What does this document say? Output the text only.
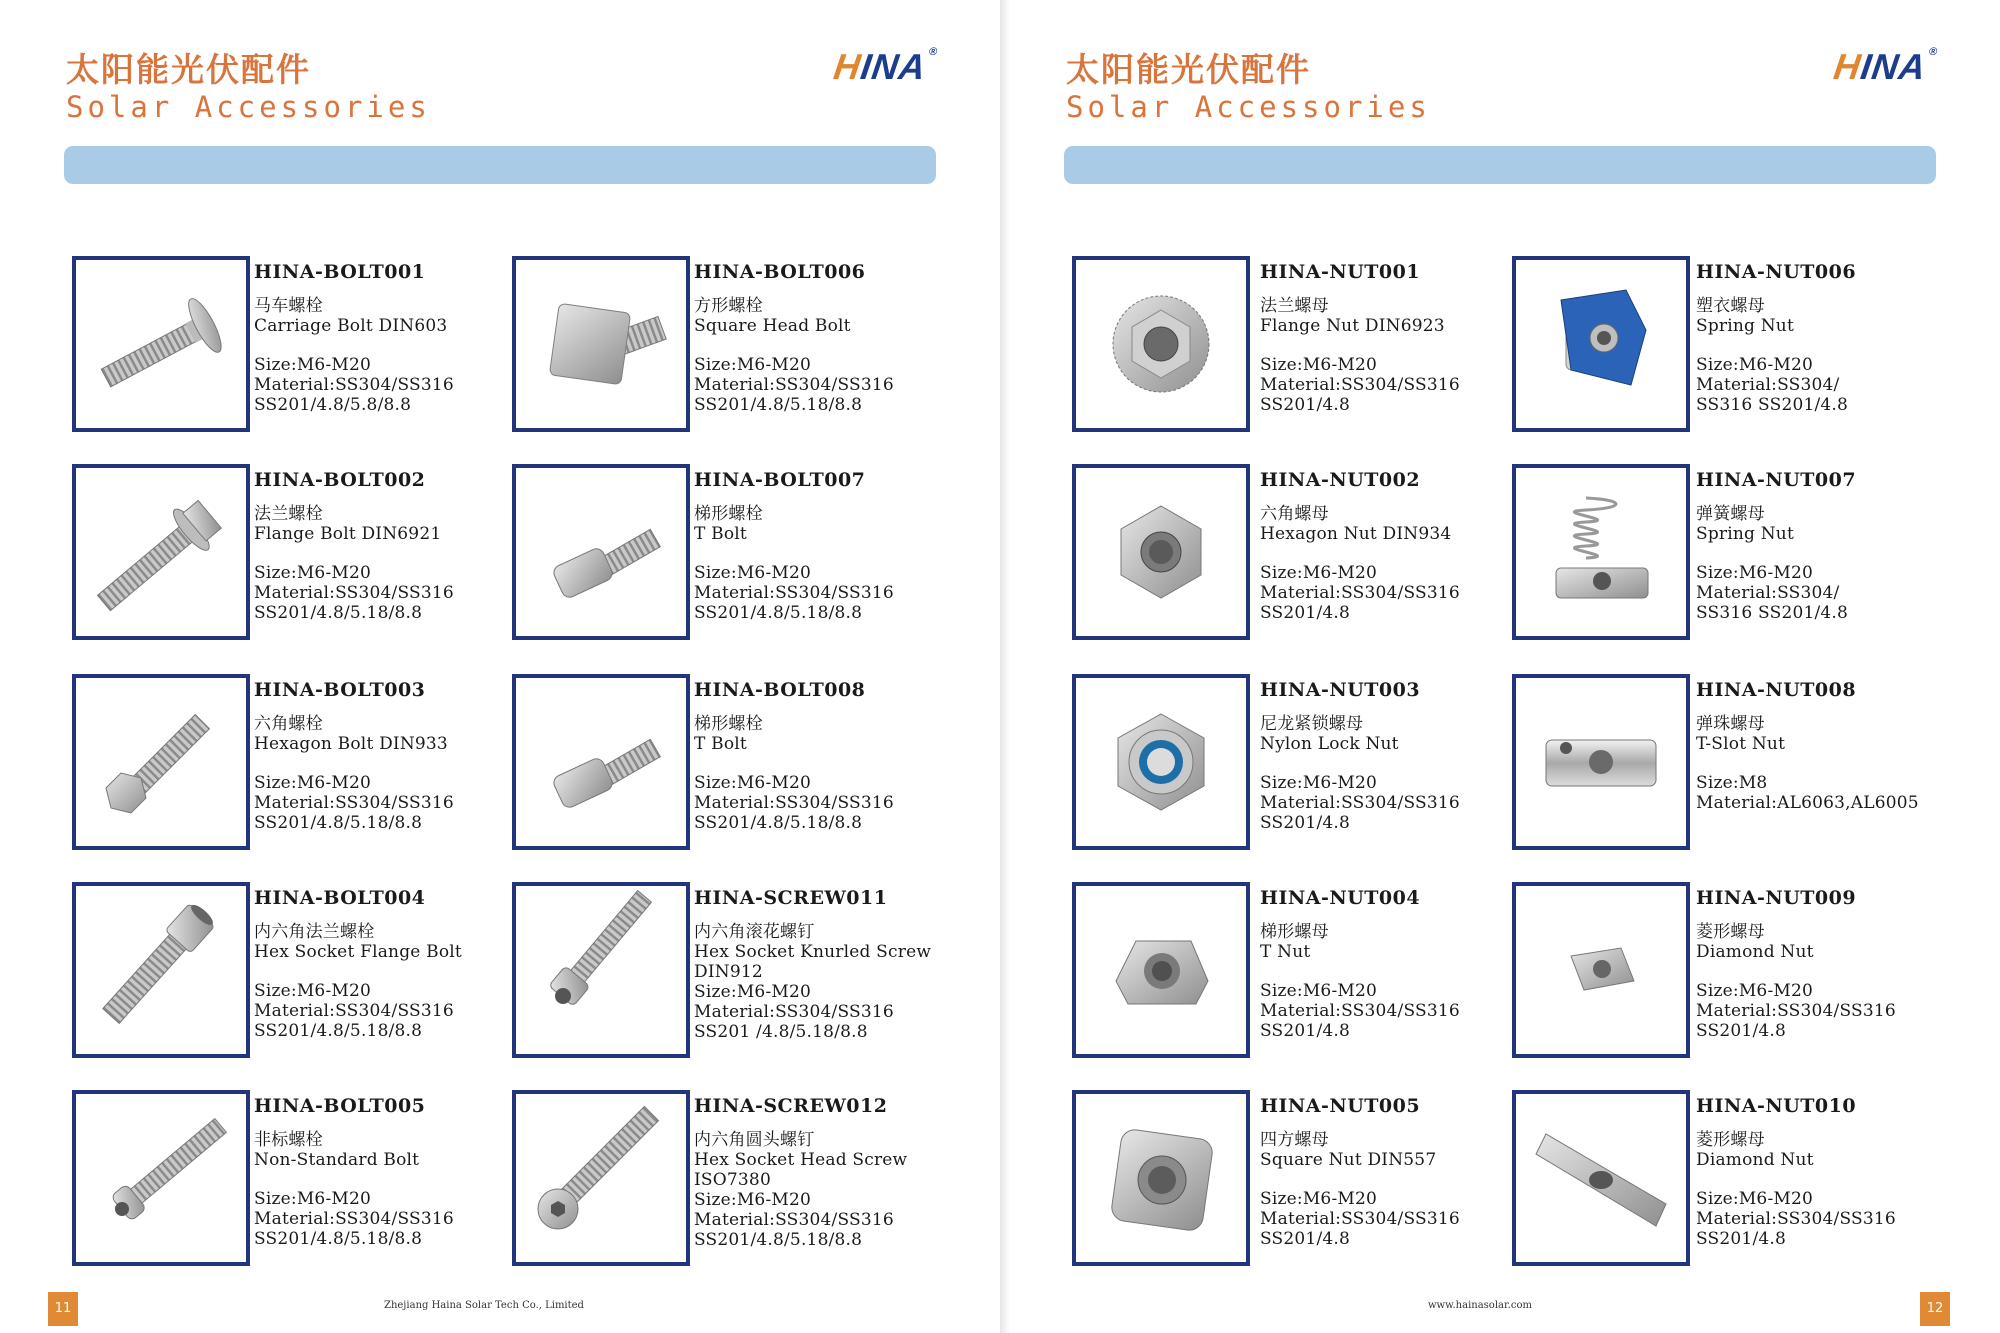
太阳能光伏配件
Solar Accessories
HINA®
HINA-BOLT001
马车螺栓
Carriage Bolt DIN603
Size:M6-M20
Material:SS304/SS316
SS201/4.8/5.8/8.8
HINA-BOLT006
方形螺栓
Square Head Bolt
Size:M6-M20
Material:SS304/SS316
SS201/4.8/5.18/8.8
HINA-BOLT002
法兰螺栓
Flange Bolt DIN6921
Size:M6-M20
Material:SS304/SS316
SS201/4.8/5.18/8.8
HINA-BOLT007
梯形螺栓
T Bolt
Size:M6-M20
Material:SS304/SS316
SS201/4.8/5.18/8.8
HINA-BOLT003
六角螺栓
Hexagon Bolt DIN933
Size:M6-M20
Material:SS304/SS316
SS201/4.8/5.18/8.8
HINA-BOLT008
梯形螺栓
T Bolt
Size:M6-M20
Material:SS304/SS316
SS201/4.8/5.18/8.8
HINA-BOLT004
内六角法兰螺栓
Hex Socket Flange Bolt
Size:M6-M20
Material:SS304/SS316
SS201/4.8/5.18/8.8
HINA-SCREW011
内六角滚花螺钉
Hex Socket Knurled Screw
DIN912
Size:M6-M20
Material:SS304/SS316
SS201 /4.8/5.18/8.8
HINA-BOLT005
非标螺栓
Non-Standard Bolt
Size:M6-M20
Material:SS304/SS316
SS201/4.8/5.18/8.8
HINA-SCREW012
内六角圆头螺钉
Hex Socket Head Screw
ISO7380
Size:M6-M20
Material:SS304/SS316
SS201/4.8/5.18/8.8
11	Zhejiang Haina Solar Tech Co., Limited
太阳能光伏配件
Solar Accessories
HINA®
HINA-NUT001
法兰螺母
Flange Nut DIN6923
Size:M6-M20
Material:SS304/SS316
SS201/4.8
HINA-NUT006
塑衣螺母
Spring Nut
Size:M6-M20
Material:SS304/
SS316 SS201/4.8
HINA-NUT002
六角螺母
Hexagon Nut DIN934
Size:M6-M20
Material:SS304/SS316
SS201/4.8
HINA-NUT007
弹簧螺母
Spring Nut
Size:M6-M20
Material:SS304/
SS316 SS201/4.8
HINA-NUT003
尼龙紧锁螺母
Nylon Lock Nut
Size:M6-M20
Material:SS304/SS316
SS201/4.8
HINA-NUT008
弹珠螺母
T-Slot Nut
Size:M8
Material:AL6063,AL6005
HINA-NUT004
梯形螺母
T Nut
Size:M6-M20
Material:SS304/SS316
SS201/4.8
HINA-NUT009
菱形螺母
Diamond Nut
Size:M6-M20
Material:SS304/SS316
SS201/4.8
HINA-NUT005
四方螺母
Square Nut DIN557
Size:M6-M20
Material:SS304/SS316
SS201/4.8
HINA-NUT010
菱形螺母
Diamond Nut
Size:M6-M20
Material:SS304/SS316
SS201/4.8
12
www.hainasolar.com
